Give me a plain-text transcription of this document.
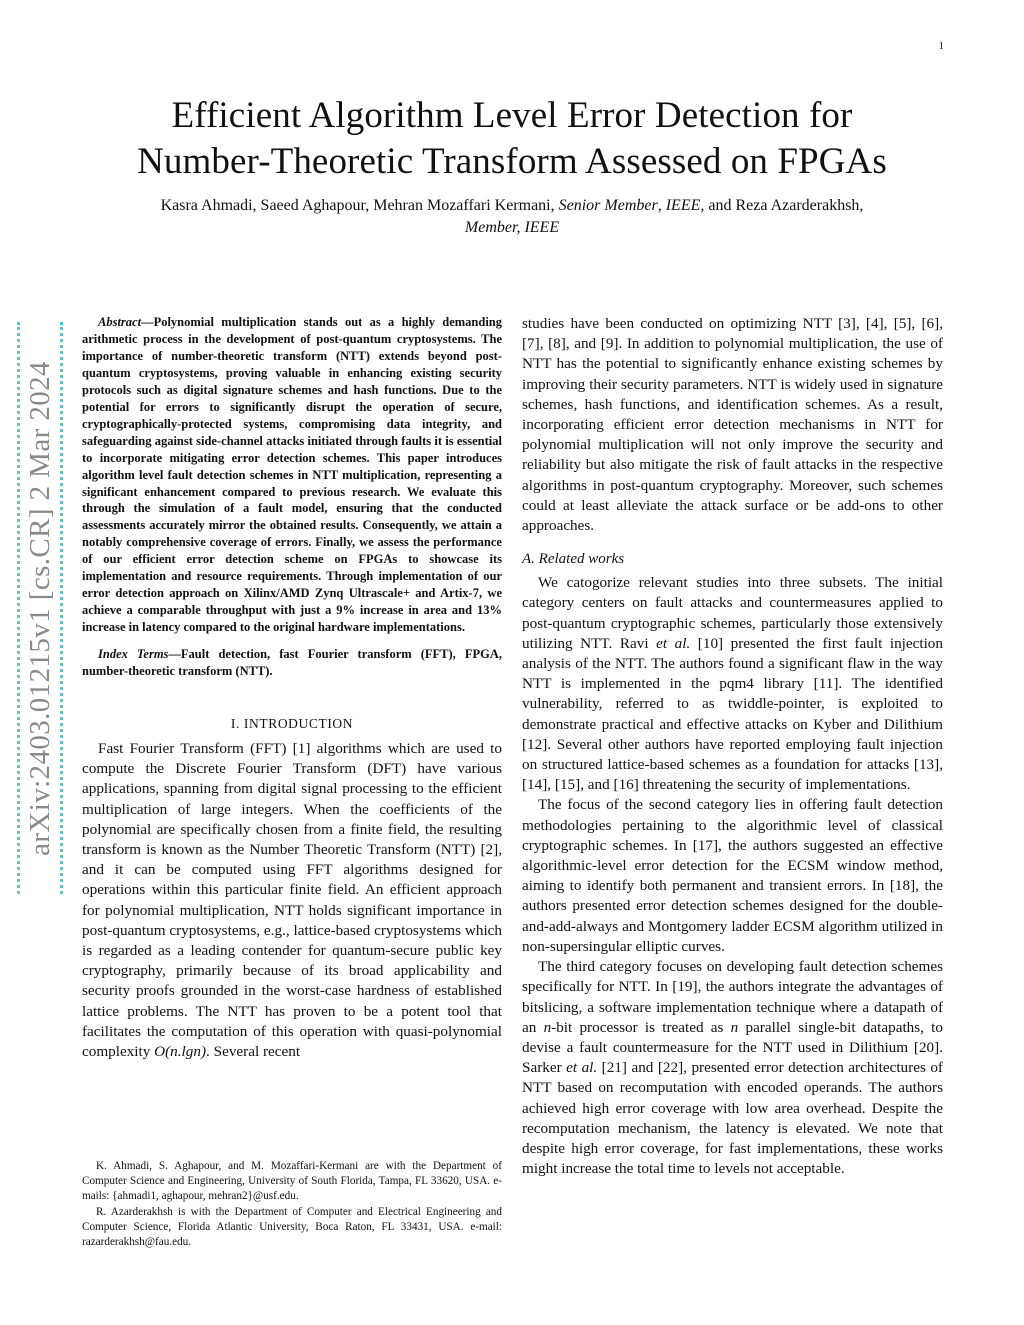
1
Efficient Algorithm Level Error Detection for
Number-Theoretic Transform Assessed on FPGAs
Kasra Ahmadi, Saeed Aghapour, Mehran Mozaffari Kermani, Senior Member, IEEE, and Reza Azarderakhsh,
Member, IEEE
arXiv:2403.01215v1 [cs.CR] 2 Mar 2024

Abstract—Polynomial multiplication stands out as a highly demanding arithmetic process in the development of post-quantum cryptosystems. The importance of number-theoretic transform (NTT) extends beyond post-quantum cryptosystems, proving valuable in enhancing existing security protocols such as digital signature schemes and hash functions. Due to the potential for errors to significantly disrupt the operation of secure, cryptographically-protected systems, compromising data integrity, and safeguarding against side-channel attacks initiated through faults it is essential to incorporate mitigating error detection schemes. This paper introduces algorithm level fault detection schemes in NTT multiplication, representing a significant enhancement compared to previous research. We evaluate this through the simulation of a fault model, ensuring that the conducted assessments accurately mirror the obtained results. Consequently, we attain a notably comprehensive coverage of errors. Finally, we assess the performance of our efficient error detection scheme on FPGAs to showcase its implementation and resource requirements. Through implementation of our error detection approach on Xilinx/AMD Zynq Ultrascale+ and Artix-7, we achieve a comparable throughput with just a 9% increase in area and 13% increase in latency compared to the original hardware implementations.

Index Terms—Fault detection, fast Fourier transform (FFT), FPGA, number-theoretic transform (NTT).

I. INTRODUCTION

Fast Fourier Transform (FFT) [1] algorithms which are used to compute the Discrete Fourier Transform (DFT) have various applications, spanning from digital signal processing to the efficient multiplication of large integers. When the coefficients of the polynomial are specifically chosen from a finite field, the resulting transform is known as the Number Theoretic Transform (NTT) [2], and it can be computed using FFT algorithms designed for operations within this particular finite field. An efficient approach for polynomial multiplication, NTT holds significant importance in post-quantum cryptosystems, e.g., lattice-based cryptosystems which is regarded as a leading contender for quantum-secure public key cryptography, primarily because of its broad applicability and security proofs grounded in the worst-case hardness of established lattice problems. The NTT has proven to be a potent tool that facilitates the computation of this operation with quasi-polynomial complexity O(n.lgn). Several recent

K. Ahmadi, S. Aghapour, and M. Mozaffari-Kermani are with the Department of Computer Science and Engineering, University of South Florida, Tampa, FL 33620, USA. e-mails: {ahmadi1, aghapour, mehran2}@usf.edu.

R. Azarderakhsh is with the Department of Computer and Electrical Engineering and Computer Science, Florida Atlantic University, Boca Raton, FL 33431, USA. e-mail: razarderakhsh@fau.edu.

studies have been conducted on optimizing NTT [3], [4], [5], [6], [7], [8], and [9]. In addition to polynomial multiplication, the use of NTT has the potential to significantly enhance existing schemes by improving their security parameters. NTT is widely used in signature schemes, hash functions, and identification schemes. As a result, incorporating efficient error detection mechanisms in NTT for polynomial multiplication will not only improve the security and reliability but also mitigate the risk of fault attacks in the respective algorithms in post-quantum cryptography. Moreover, such schemes could at least alleviate the attack surface or be add-ons to other approaches.

A. Related works

We catogorize relevant studies into three subsets. The initial category centers on fault attacks and countermeasures applied to post-quantum cryptographic schemes, particularly those extensively utilizing NTT. Ravi et al. [10] presented the first fault injection analysis of the NTT. The authors found a significant flaw in the way NTT is implemented in the pqm4 library [11]. The identified vulnerability, referred to as twiddle-pointer, is exploited to demonstrate practical and effective attacks on Kyber and Dilithium [12]. Several other authors have reported employing fault injection on structured lattice-based schemes as a foundation for attacks [13], [14], [15], and [16] threatening the security of implementations.

The focus of the second category lies in offering fault detection methodologies pertaining to the algorithmic level of classical cryptographic schemes. In [17], the authors suggested an effective algorithmic-level error detection for the ECSM window method, aiming to identify both permanent and transient errors. In [18], the authors presented error detection schemes designed for the double-and-add-always and Montgomery ladder ECSM algorithm utilized in non-supersingular elliptic curves.

The third category focuses on developing fault detection schemes specifically for NTT. In [19], the authors integrate the advantages of bitslicing, a software implementation technique where a datapath of an n-bit processor is treated as n parallel single-bit datapaths, to devise a fault countermeasure for the NTT used in Dilithium [20]. Sarker et al. [21] and [22], presented error detection architectures of NTT based on recomputation with encoded operands. The authors achieved high error coverage with low area overhead. Despite the recomputation mechanism, the latency is elevated. We note that despite high error coverage, for fast implementations, these works might increase the total time to levels not acceptable.
